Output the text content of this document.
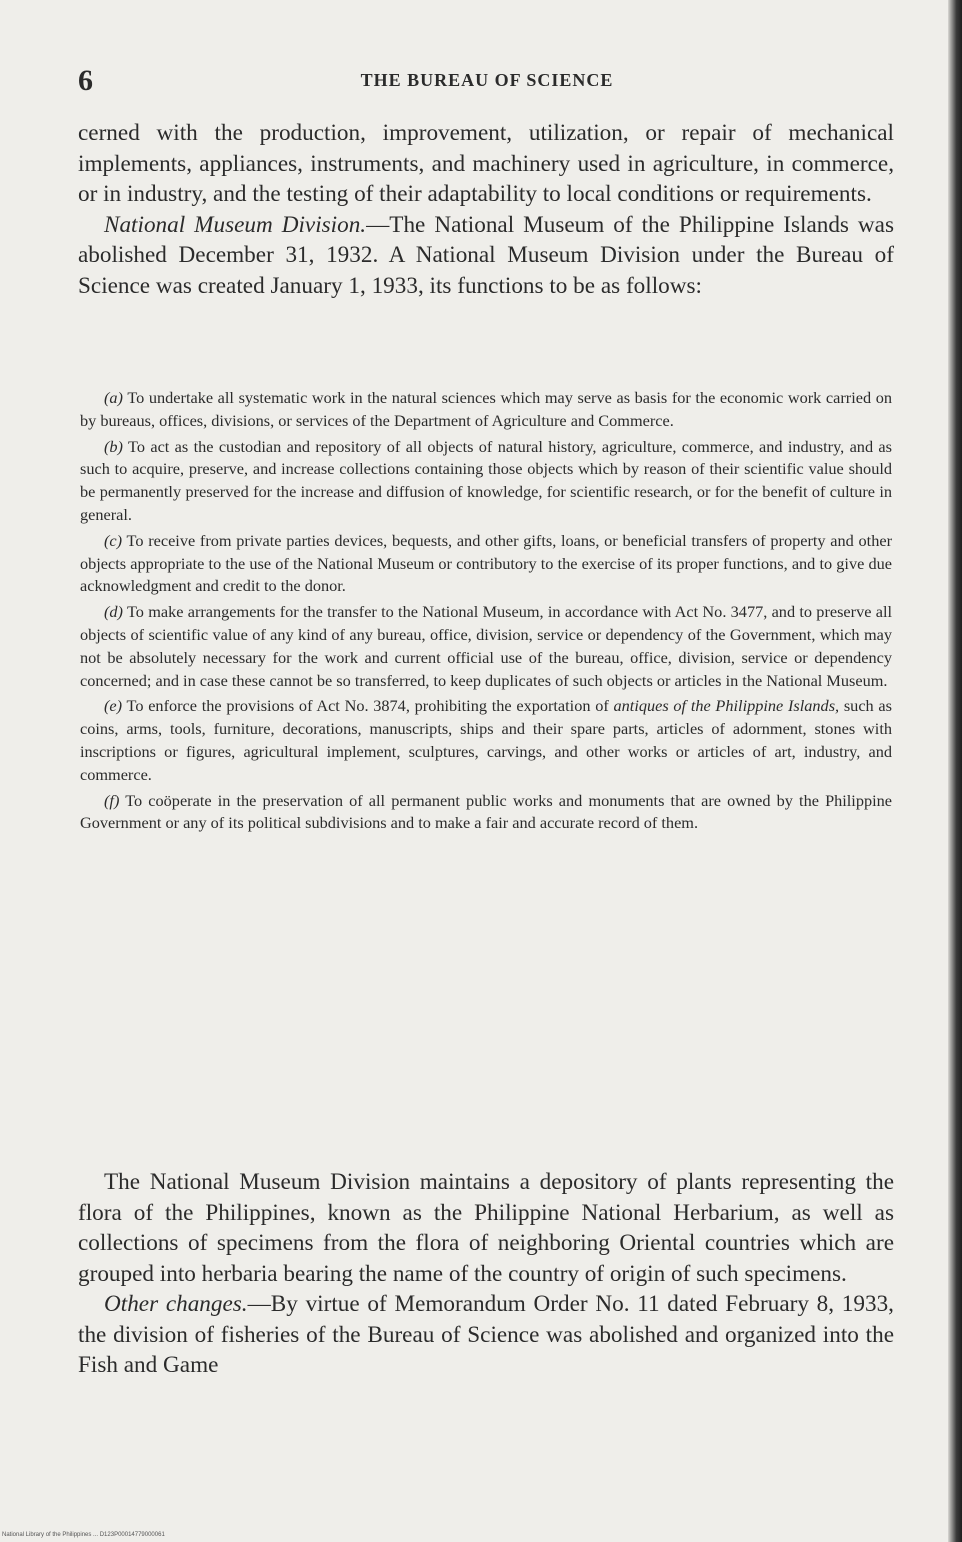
6	THE BUREAU OF SCIENCE

cerned with the production, improvement, utilization, or repair of mechanical implements, appliances, instruments, and machinery used in agriculture, in commerce, or in industry, and the testing of their adaptability to local conditions or requirements.

National Museum Division.—The National Museum of the Philippine Islands was abolished December 31, 1932. A National Museum Division under the Bureau of Science was created January 1, 1933, its functions to be as follows:

(a) To undertake all systematic work in the natural sciences which may serve as basis for the economic work carried on by bureaus, offices, divisions, or services of the Department of Agriculture and Commerce.

(b) To act as the custodian and repository of all objects of natural history, agriculture, commerce, and industry, and as such to acquire, preserve, and increase collections containing those objects which by reason of their scientific value should be permanently preserved for the increase and diffusion of knowledge, for scientific research, or for the benefit of culture in general.

(c) To receive from private parties devices, bequests, and other gifts, loans, or beneficial transfers of property and other objects appropriate to the use of the National Museum or contributory to the exercise of its proper functions, and to give due acknowledgment and credit to the donor.

(d) To make arrangements for the transfer to the National Museum, in accordance with Act No. 3477, and to preserve all objects of scientific value of any kind of any bureau, office, division, service or dependency of the Government, which may not be absolutely necessary for the work and current official use of the bureau, office, division, service or dependency concerned; and in case these cannot be so transferred, to keep duplicates of such objects or articles in the National Museum.

(e) To enforce the provisions of Act No. 3874, prohibiting the exportation of antiques of the Philippine Islands, such as coins, arms, tools, furniture, decorations, manuscripts, ships and their spare parts, articles of adornment, stones with inscriptions or figures, agricultural implement, sculptures, carvings, and other works or articles of art, industry, and commerce.

(f) To coöperate in the preservation of all permanent public works and monuments that are owned by the Philippine Government or any of its political subdivisions and to make a fair and accurate record of them.

The National Museum Division maintains a depository of plants representing the flora of the Philippines, known as the Philippine National Herbarium, as well as collections of specimens from the flora of neighboring Oriental countries which are grouped into herbaria bearing the name of the country of origin of such specimens.

Other changes.—By virtue of Memorandum Order No. 11 dated February 8, 1933, the division of fisheries of the Bureau of Science was abolished and organized into the Fish and Game

National Library of the Philippines ... D123P00014779000061
